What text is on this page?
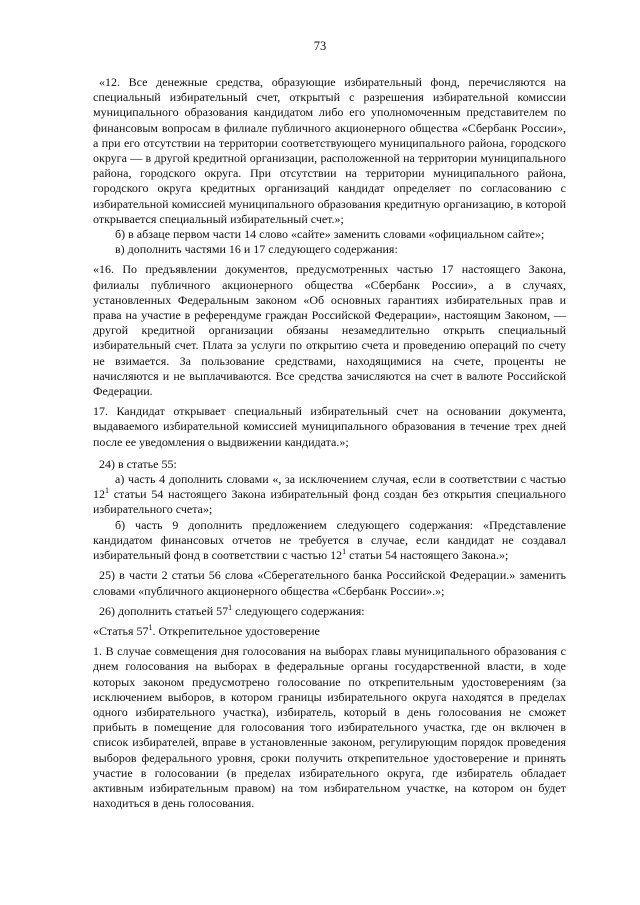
73

«12. Все денежные средства, образующие избирательный фонд, перечисляются на специальный избирательный счет, открытый с разрешения избирательной комиссии муниципального образования кандидатом либо его уполномоченным представителем по финансовым вопросам в филиале публичного акционерного общества «Сбербанк России», а при его отсутствии на территории соответствующего муниципального района, городского округа — в другой кредитной организации, расположенной на территории муниципального района, городского округа. При отсутствии на территории муниципального района, городского округа кредитных организаций кандидат определяет по согласованию с избирательной комиссией муниципального образования кредитную организацию, в которой открывается специальный избирательный счет.»;

б) в абзаце первом части 14 слово «сайте» заменить словами «официальном сайте»;

в) дополнить частями 16 и 17 следующего содержания:

«16. По предъявлении документов, предусмотренных частью 17 настоящего Закона, филиалы публичного акционерного общества «Сбербанк России», а в случаях, установленных Федеральным законом «Об основных гарантиях избирательных прав и права на участие в референдуме граждан Российской Федерации», настоящим Законом, — другой кредитной организации обязаны незамедлительно открыть специальный избирательный счет. Плата за услуги по открытию счета и проведению операций по счету не взимается. За пользование средствами, находящимися на счете, проценты не начисляются и не выплачиваются. Все средства зачисляются на счет в валюте Российской Федерации.

17. Кандидат открывает специальный избирательный счет на основании документа, выдаваемого избирательной комиссией муниципального образования в течение трех дней после ее уведомления о выдвижении кандидата.»;

24) в статье 55:

а) часть 4 дополнить словами «, за исключением случая, если в соответствии с частью $12^1$ статьи 54 настоящего Закона избирательный фонд создан без открытия специального избирательного счета»;

б) часть 9 дополнить предложением следующего содержания: «Представление кандидатом финансовых отчетов не требуется в случае, если кандидат не создавал избирательный фонд в соответствии с частью $12^1$ статьи 54 настоящего Закона.»;

25) в части 2 статьи 56 слова «Сберегательного банка Российской Федерации.» заменить словами «публичного акционерного общества «Сбербанк России».»;

26) дополнить статьей $57^1$ следующего содержания:

«Статья $57^1$. Открепительное удостоверение

1. В случае совмещения дня голосования на выборах главы муниципального образования с днем голосования на выборах в федеральные органы государственной власти, в ходе которых законом предусмотрено голосование по открепительным удостоверениям (за исключением выборов, в котором границы избирательного округа находятся в пределах одного избирательного участка), избиратель, который в день голосования не сможет прибыть в помещение для голосования того избирательного участка, где он включен в список избирателей, вправе в установленные законом, регулирующим порядок проведения выборов федерального уровня, сроки получить открепительное удостоверение и принять участие в голосовании (в пределах избирательного округа, где избиратель обладает активным избирательным правом) на том избирательном участке, на котором он будет находиться в день голосования.
